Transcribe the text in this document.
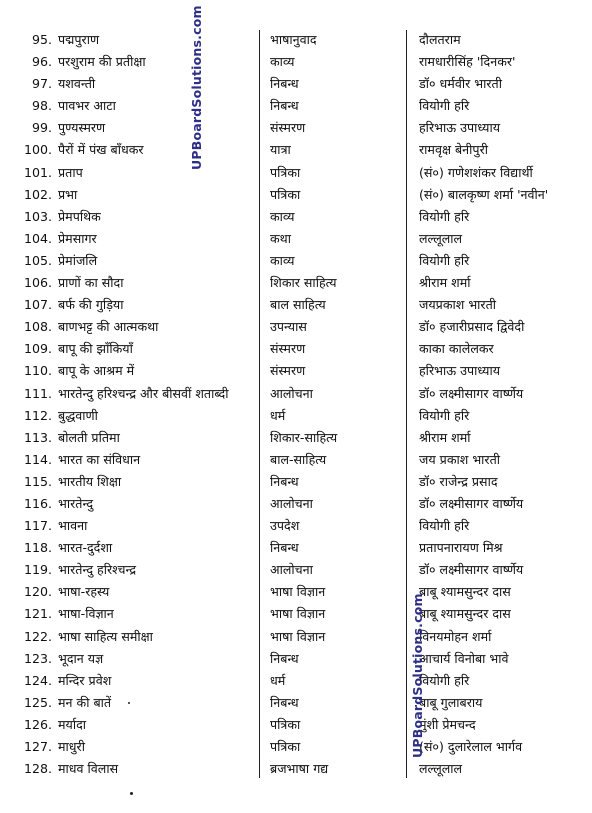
95. पद्मपुराण	भाषानुवाद	दौलतराम
96. परशुराम की प्रतीक्षा	काव्य	रामधारीसिंह 'दिनकर'
97. यशवन्ती	निबन्ध	डॉ० धर्मवीर भारती
98. पावभर आटा	निबन्ध	वियोगी हरि
99. पुण्यस्मरण	संस्मरण	हरिभाऊ उपाध्याय
100. पैरों में पंख बाँधकर	यात्रा	रामवृक्ष बेनीपुरी
101. प्रताप	पत्रिका	(सं०) गणेशशंकर विद्यार्थी
102. प्रभा	पत्रिका	(सं०) बालकृष्ण शर्मा 'नवीन'
103. प्रेमपथिक	काव्य	वियोगी हरि
104. प्रेमसागर	कथा	लल्लूलाल
105. प्रेमांजलि	काव्य	वियोगी हरि
106. प्राणों का सौदा	शिकार साहित्य	श्रीराम शर्मा
107. बर्फ की गुड़िया	बाल साहित्य	जयप्रकाश भारती
108. बाणभट्ट की आत्मकथा	उपन्यास	डॉ० हजारीप्रसाद द्विवेदी
109. बापू की झाँकियाँ	संस्मरण	काका कालेलकर
110. बापू के आश्रम में	संस्मरण	हरिभाऊ उपाध्याय
111. भारतेन्दु हरिश्चन्द्र और बीसवीं शताब्दी	आलोचना	डॉ० लक्ष्मीसागर वार्ष्णेय
112. बुद्धवाणी	धर्म	वियोगी हरि
113. बोलती प्रतिमा	शिकार-साहित्य	श्रीराम शर्मा
114. भारत का संविधान	बाल-साहित्य	जय प्रकाश भारती
115. भारतीय शिक्षा	निबन्ध	डॉ० राजेन्द्र प्रसाद
116. भारतेन्दु	आलोचना	डॉ० लक्ष्मीसागर वार्ष्णेय
117. भावना	उपदेश	वियोगी हरि
118. भारत-दुर्दशा	निबन्ध	प्रतापनारायण मिश्र
119. भारतेन्दु हरिश्चन्द्र	आलोचना	डॉ० लक्ष्मीसागर वार्ष्णेय
120. भाषा-रहस्य	भाषा विज्ञान	बाबू श्यामसुन्दर दास
121. भाषा-विज्ञान	भाषा विज्ञान	बाबू श्यामसुन्दर दास
122. भाषा साहित्य समीक्षा	भाषा विज्ञान	विनयमोहन शर्मा
123. भूदान यज्ञ	निबन्ध	आचार्य विनोबा भावे
124. मन्दिर प्रवेश	धर्म	वियोगी हरि
125. मन की बातें	निबन्ध	बाबू गुलाबराय
126. मर्यादा	पत्रिका	मुंशी प्रेमचन्द
127. माधुरी	पत्रिका	(सं०) दुलारेलाल भार्गव
128. माधव विलास	ब्रजभाषा गद्य	लल्लूलाल
UPBoardSolutions.com
UPBoardSolutions.com
